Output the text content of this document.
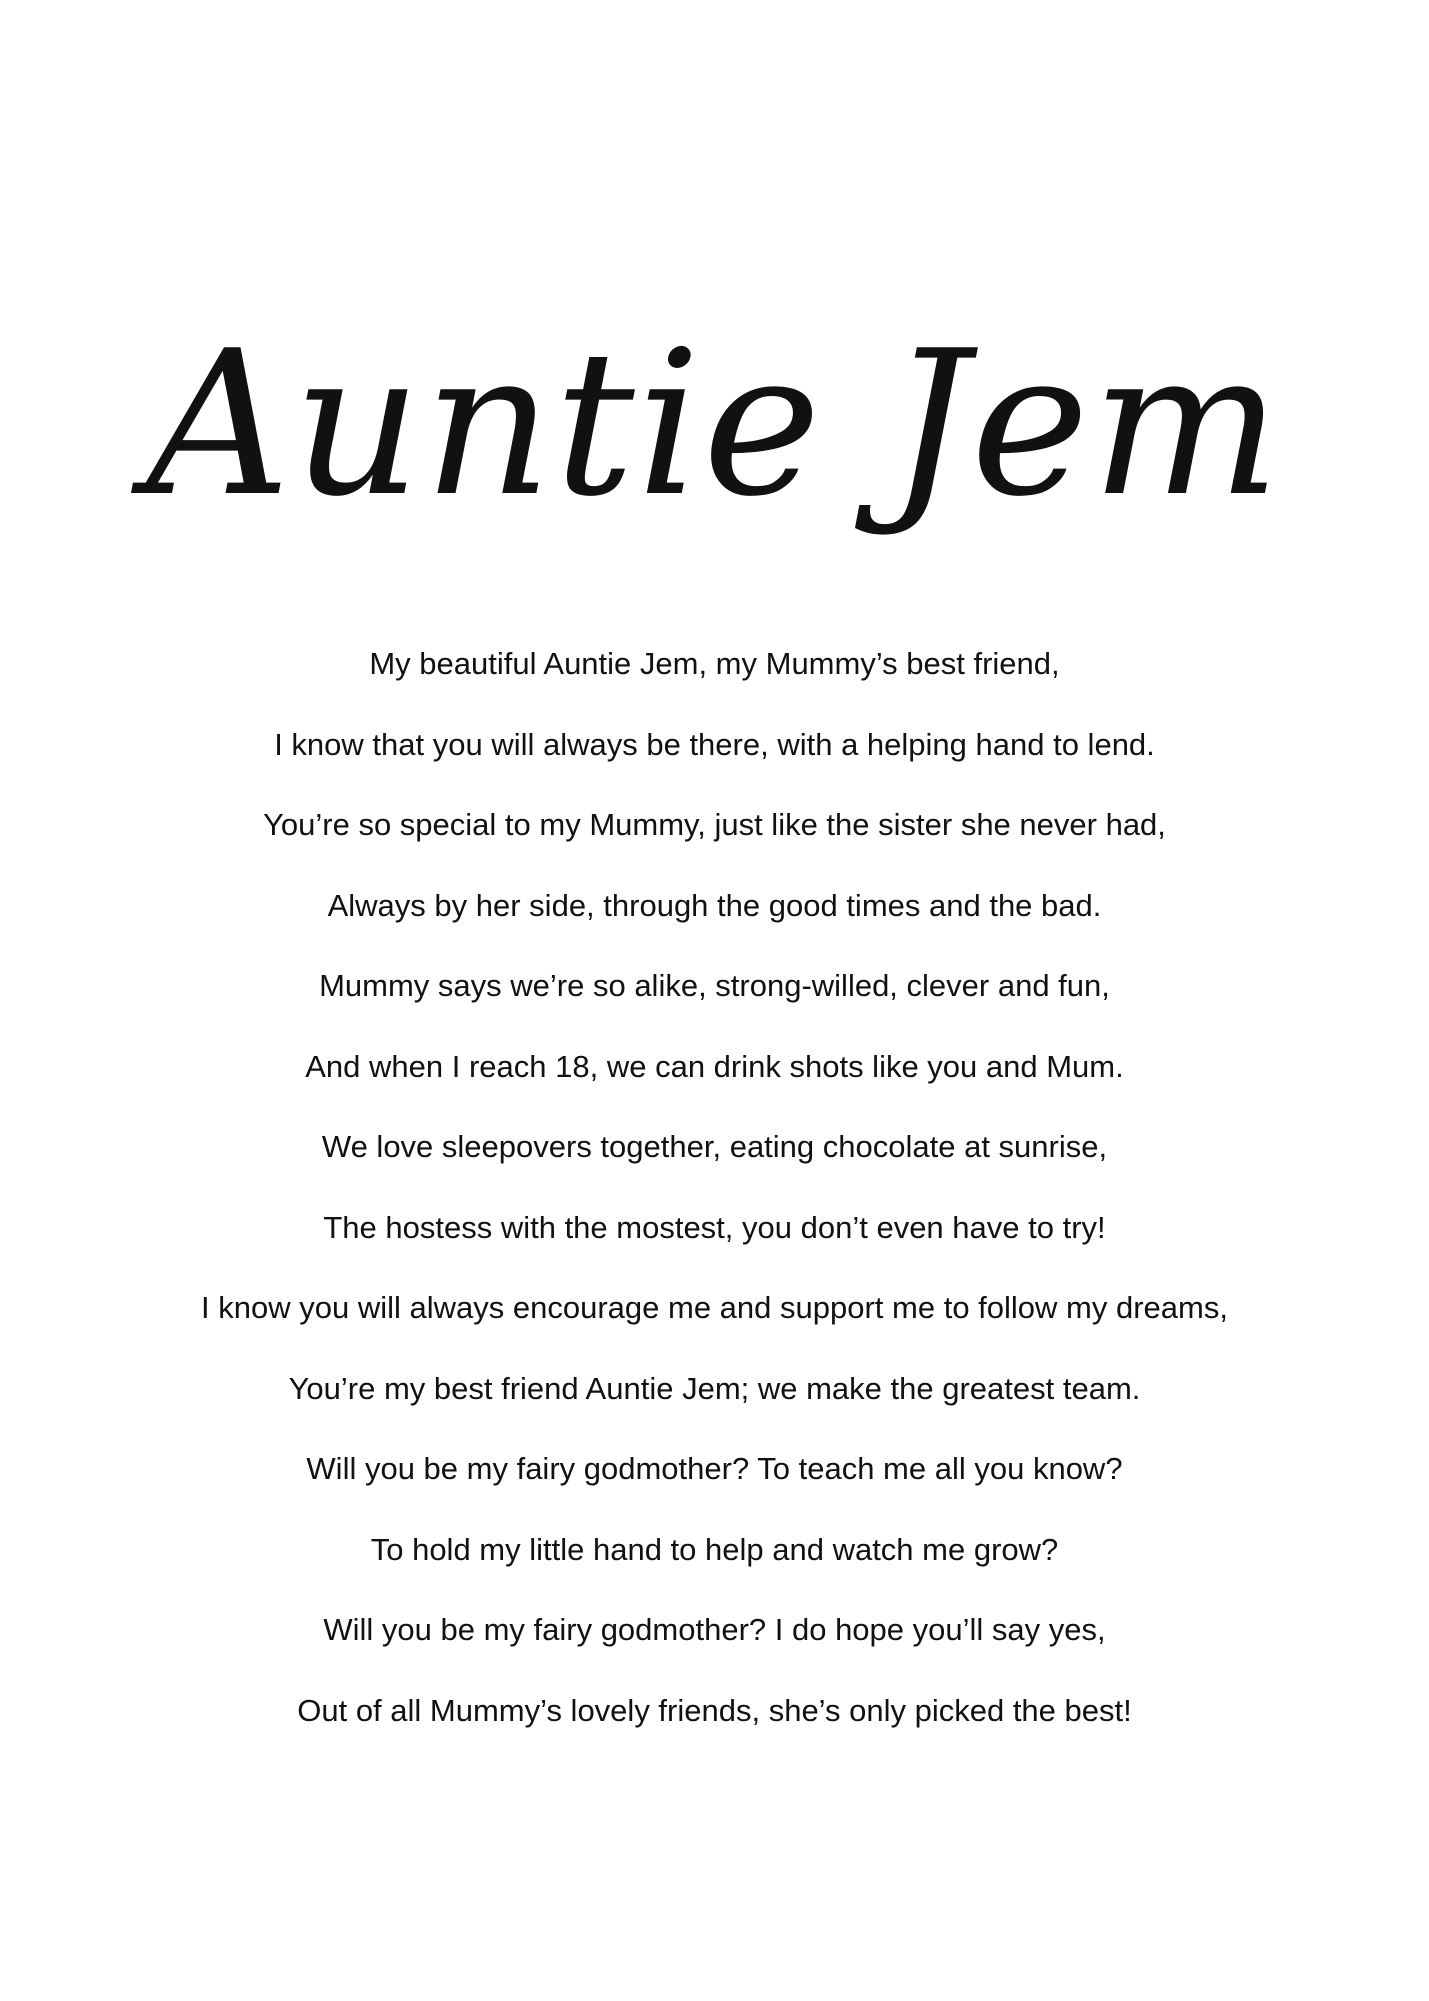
Auntie Jem
My beautiful Auntie Jem, my Mummy’s best friend,
I know that you will always be there, with a helping hand to lend.
You’re so special to my Mummy, just like the sister she never had,
Always by her side, through the good times and the bad.
Mummy says we’re so alike, strong-willed, clever and fun,
And when I reach 18, we can drink shots like you and Mum.
We love sleepovers together, eating chocolate at sunrise,
The hostess with the mostest, you don’t even have to try!
I know you will always encourage me and support me to follow my dreams,
You’re my best friend Auntie Jem; we make the greatest team.
Will you be my fairy godmother? To teach me all you know?
To hold my little hand to help and watch me grow?
Will you be my fairy godmother? I do hope you’ll say yes,
Out of all Mummy’s lovely friends, she’s only picked the best!
